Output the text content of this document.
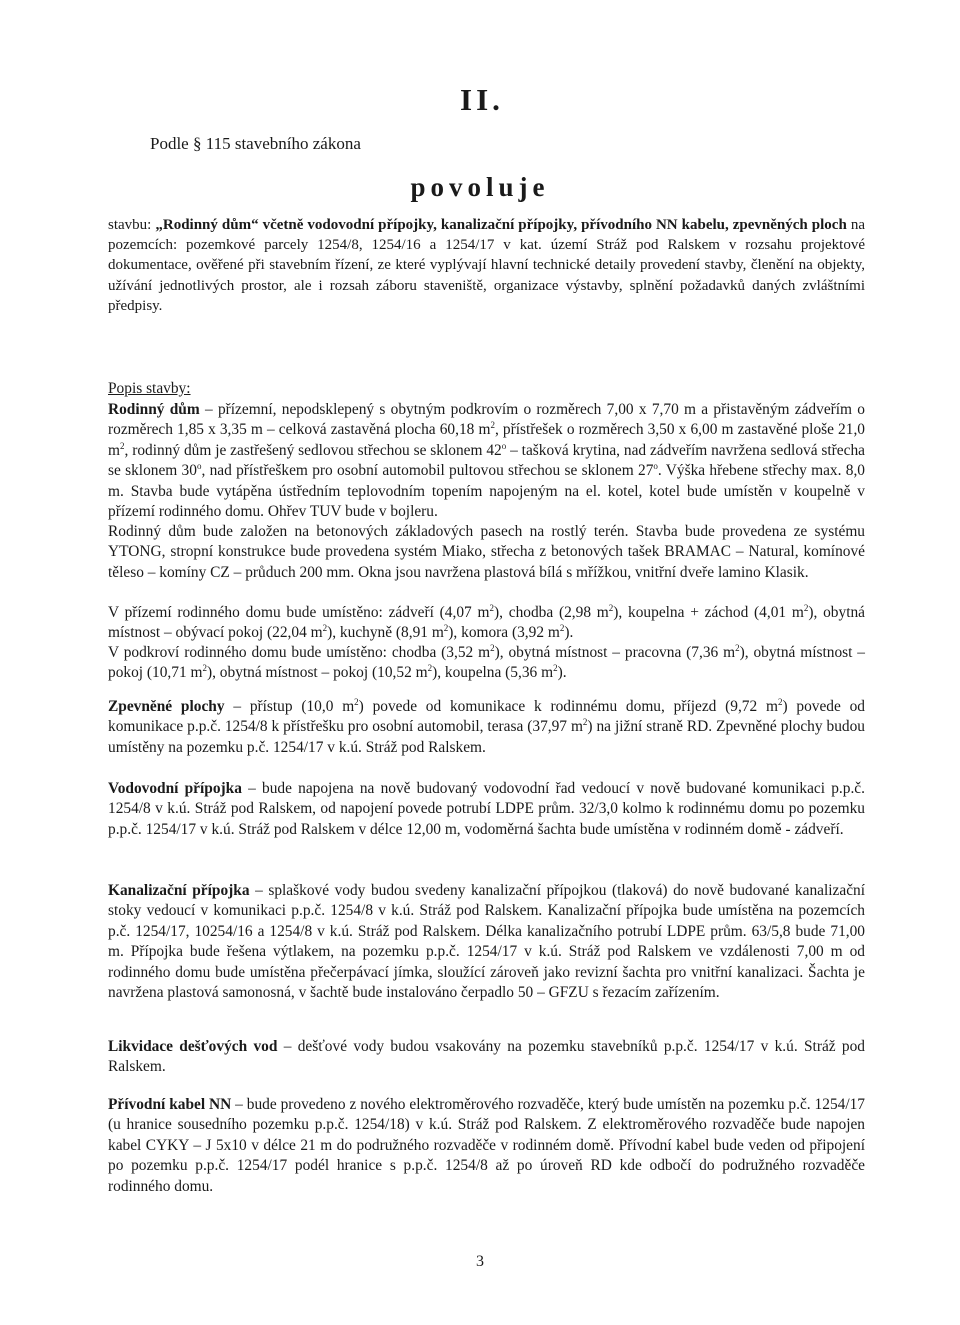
II.
Podle § 115 stavebního zákona
povoluje

stavbu: „Rodinný dům“ včetně vodovodní přípojky, kanalizační přípojky, přívodního NN kabelu, zpevněných ploch na pozemcích: pozemkové parcely 1254/8, 1254/16 a 1254/17 v kat. území Stráž pod Ralskem v rozsahu projektové dokumentace, ověřené při stavebním řízení, ze které vyplývají hlavní technické detaily provedení stavby, členění na objekty, užívání jednotlivých prostor, ale i rozsah záboru staveniště, organizace výstavby, splnění požadavků daných zvláštními předpisy.

Popis stavby:

Rodinný dům – přízemní, nepodsklepený s obytným podkrovím o rozměrech 7,00 x 7,70 m a přistavěným zádveřím o rozměrech 1,85 x 3,35 m – celková zastavěná plocha 60,18 $m^2$, přístřešek o rozměrech 3,50 x 6,00 m zastavěné ploše 21,0 $m^2$, rodinný dům je zastřešený sedlovou střechou se sklonem 42$^o$ – tašková krytina, nad zádveřím navržena sedlová střecha se sklonem 30$^o$, nad přístřeškem pro osobní automobil pultovou střechou se sklonem 27$^o$. Výška hřebene střechy max. 8,0 m. Stavba bude vytápěna ústředním teplovodním topením napojeným na el. kotel, kotel bude umístěn v koupelně v přízemí rodinného domu. Ohřev TUV bude v bojleru.

Rodinný dům bude založen na betonových základových pasech na rostlý terén. Stavba bude provedena ze systému YTONG, stropní konstrukce bude provedena systém Miako, střecha z betonových tašek BRAMAC – Natural, komínové těleso – komíny CZ – průduch 200 mm. Okna jsou navržena plastová bílá s mřížkou, vnitřní dveře lamino Klasik.

V přízemí rodinného domu bude umístěno: zádveří (4,07 $m^2$), chodba (2,98 $m^2$), koupelna + záchod (4,01 $m^2$), obytná místnost – obývací pokoj (22,04 $m^2$), kuchyně (8,91 $m^2$), komora (3,92 $m^2$).

V podkroví rodinného domu bude umístěno: chodba (3,52 $m^2$), obytná místnost – pracovna (7,36 $m^2$), obytná místnost – pokoj (10,71 $m^2$), obytná místnost – pokoj (10,52 $m^2$), koupelna (5,36 $m^2$).

Zpevněné plochy – přístup (10,0 $m^2$) povede od komunikace k rodinnému domu, příjezd (9,72 $m^2$) povede od komunikace p.p.č. 1254/8 k přístřešku pro osobní automobil, terasa (37,97 $m^2$) na jižní straně RD. Zpevněné plochy budou umístěny na pozemku p.č. 1254/17 v k.ú. Stráž pod Ralskem.

Vodovodní přípojka – bude napojena na nově budovaný vodovodní řad vedoucí v nově budované komunikaci p.p.č. 1254/8 v k.ú. Stráž pod Ralskem, od napojení povede potrubí LDPE prům. 32/3,0 kolmo k rodinnému domu po pozemku p.p.č. 1254/17 v k.ú. Stráž pod Ralskem v délce 12,00 m, vodoměrná šachta bude umístěna v rodinném domě - zádveří.

Kanalizační přípojka – splaškové vody budou svedeny kanalizační přípojkou (tlaková) do nově budované kanalizační stoky vedoucí v komunikaci p.p.č. 1254/8 v k.ú. Stráž pod Ralskem. Kanalizační přípojka bude umístěna na pozemcích p.č. 1254/17, 10254/16 a 1254/8 v k.ú. Stráž pod Ralskem. Délka kanalizačního potrubí LDPE prům. 63/5,8 bude 71,00 m. Přípojka bude řešena výtlakem, na pozemku p.p.č. 1254/17 v k.ú. Stráž pod Ralskem ve vzdálenosti 7,00 m od rodinného domu bude umístěna přečerpávací jímka, sloužící zároveň jako revizní šachta pro vnitřní kanalizaci. Šachta je navržena plastová samonosná, v šachtě bude instalováno čerpadlo 50 – GFZU s řezacím zařízením.

Likvidace dešťových vod – dešťové vody budou vsakovány na pozemku stavebníků p.p.č. 1254/17 v k.ú. Stráž pod Ralskem.

Přívodní kabel NN – bude provedeno z nového elektroměrového rozvaděče, který bude umístěn na pozemku p.č. 1254/17 (u hranice sousedního pozemku p.p.č. 1254/18) v k.ú. Stráž pod Ralskem. Z elektroměrového rozvaděče bude napojen kabel CYKY – J 5x10 v délce 21 m do podružného rozvaděče v rodinném domě. Přívodní kabel bude veden od připojení po pozemku p.p.č. 1254/17 podél hranice s p.p.č. 1254/8 až po úroveň RD kde odbočí do podružného rozvaděče rodinného domu.

3
